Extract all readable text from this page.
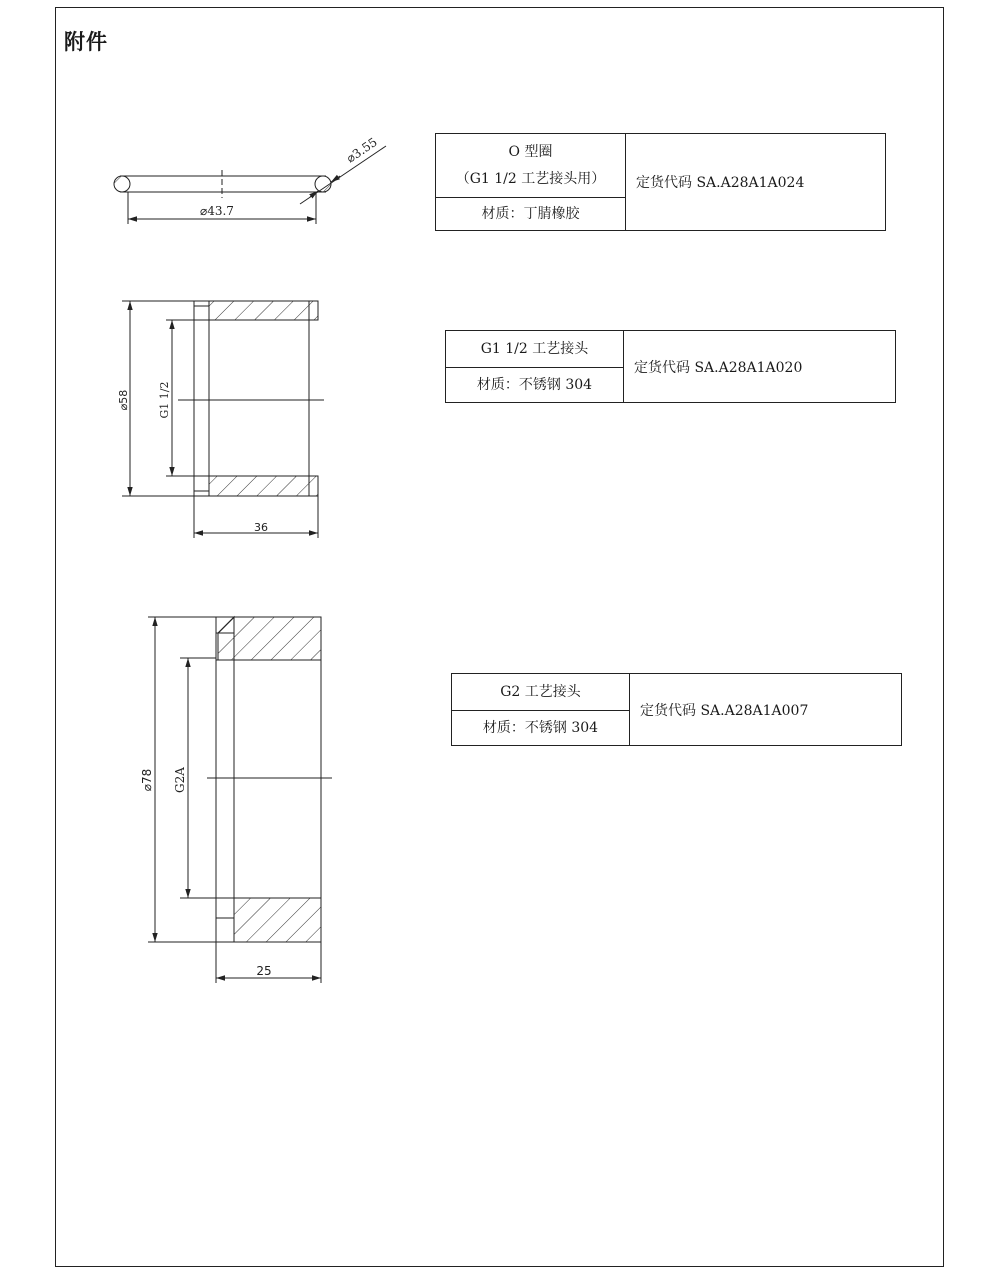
附件
⌀43.7
⌀3.55
⌀58	G1 1/2
36
⌀78 G2A
25
O 型圈
（G1 1/2 工艺接头用）
材质：丁腈橡胶
定货代码 SA.A28A1A024
G1 1/2 工艺接头
材质：不锈钢 304
定货代码 SA.A28A1A020
G2 工艺接头
材质：不锈钢 304
定货代码 SA.A28A1A007
